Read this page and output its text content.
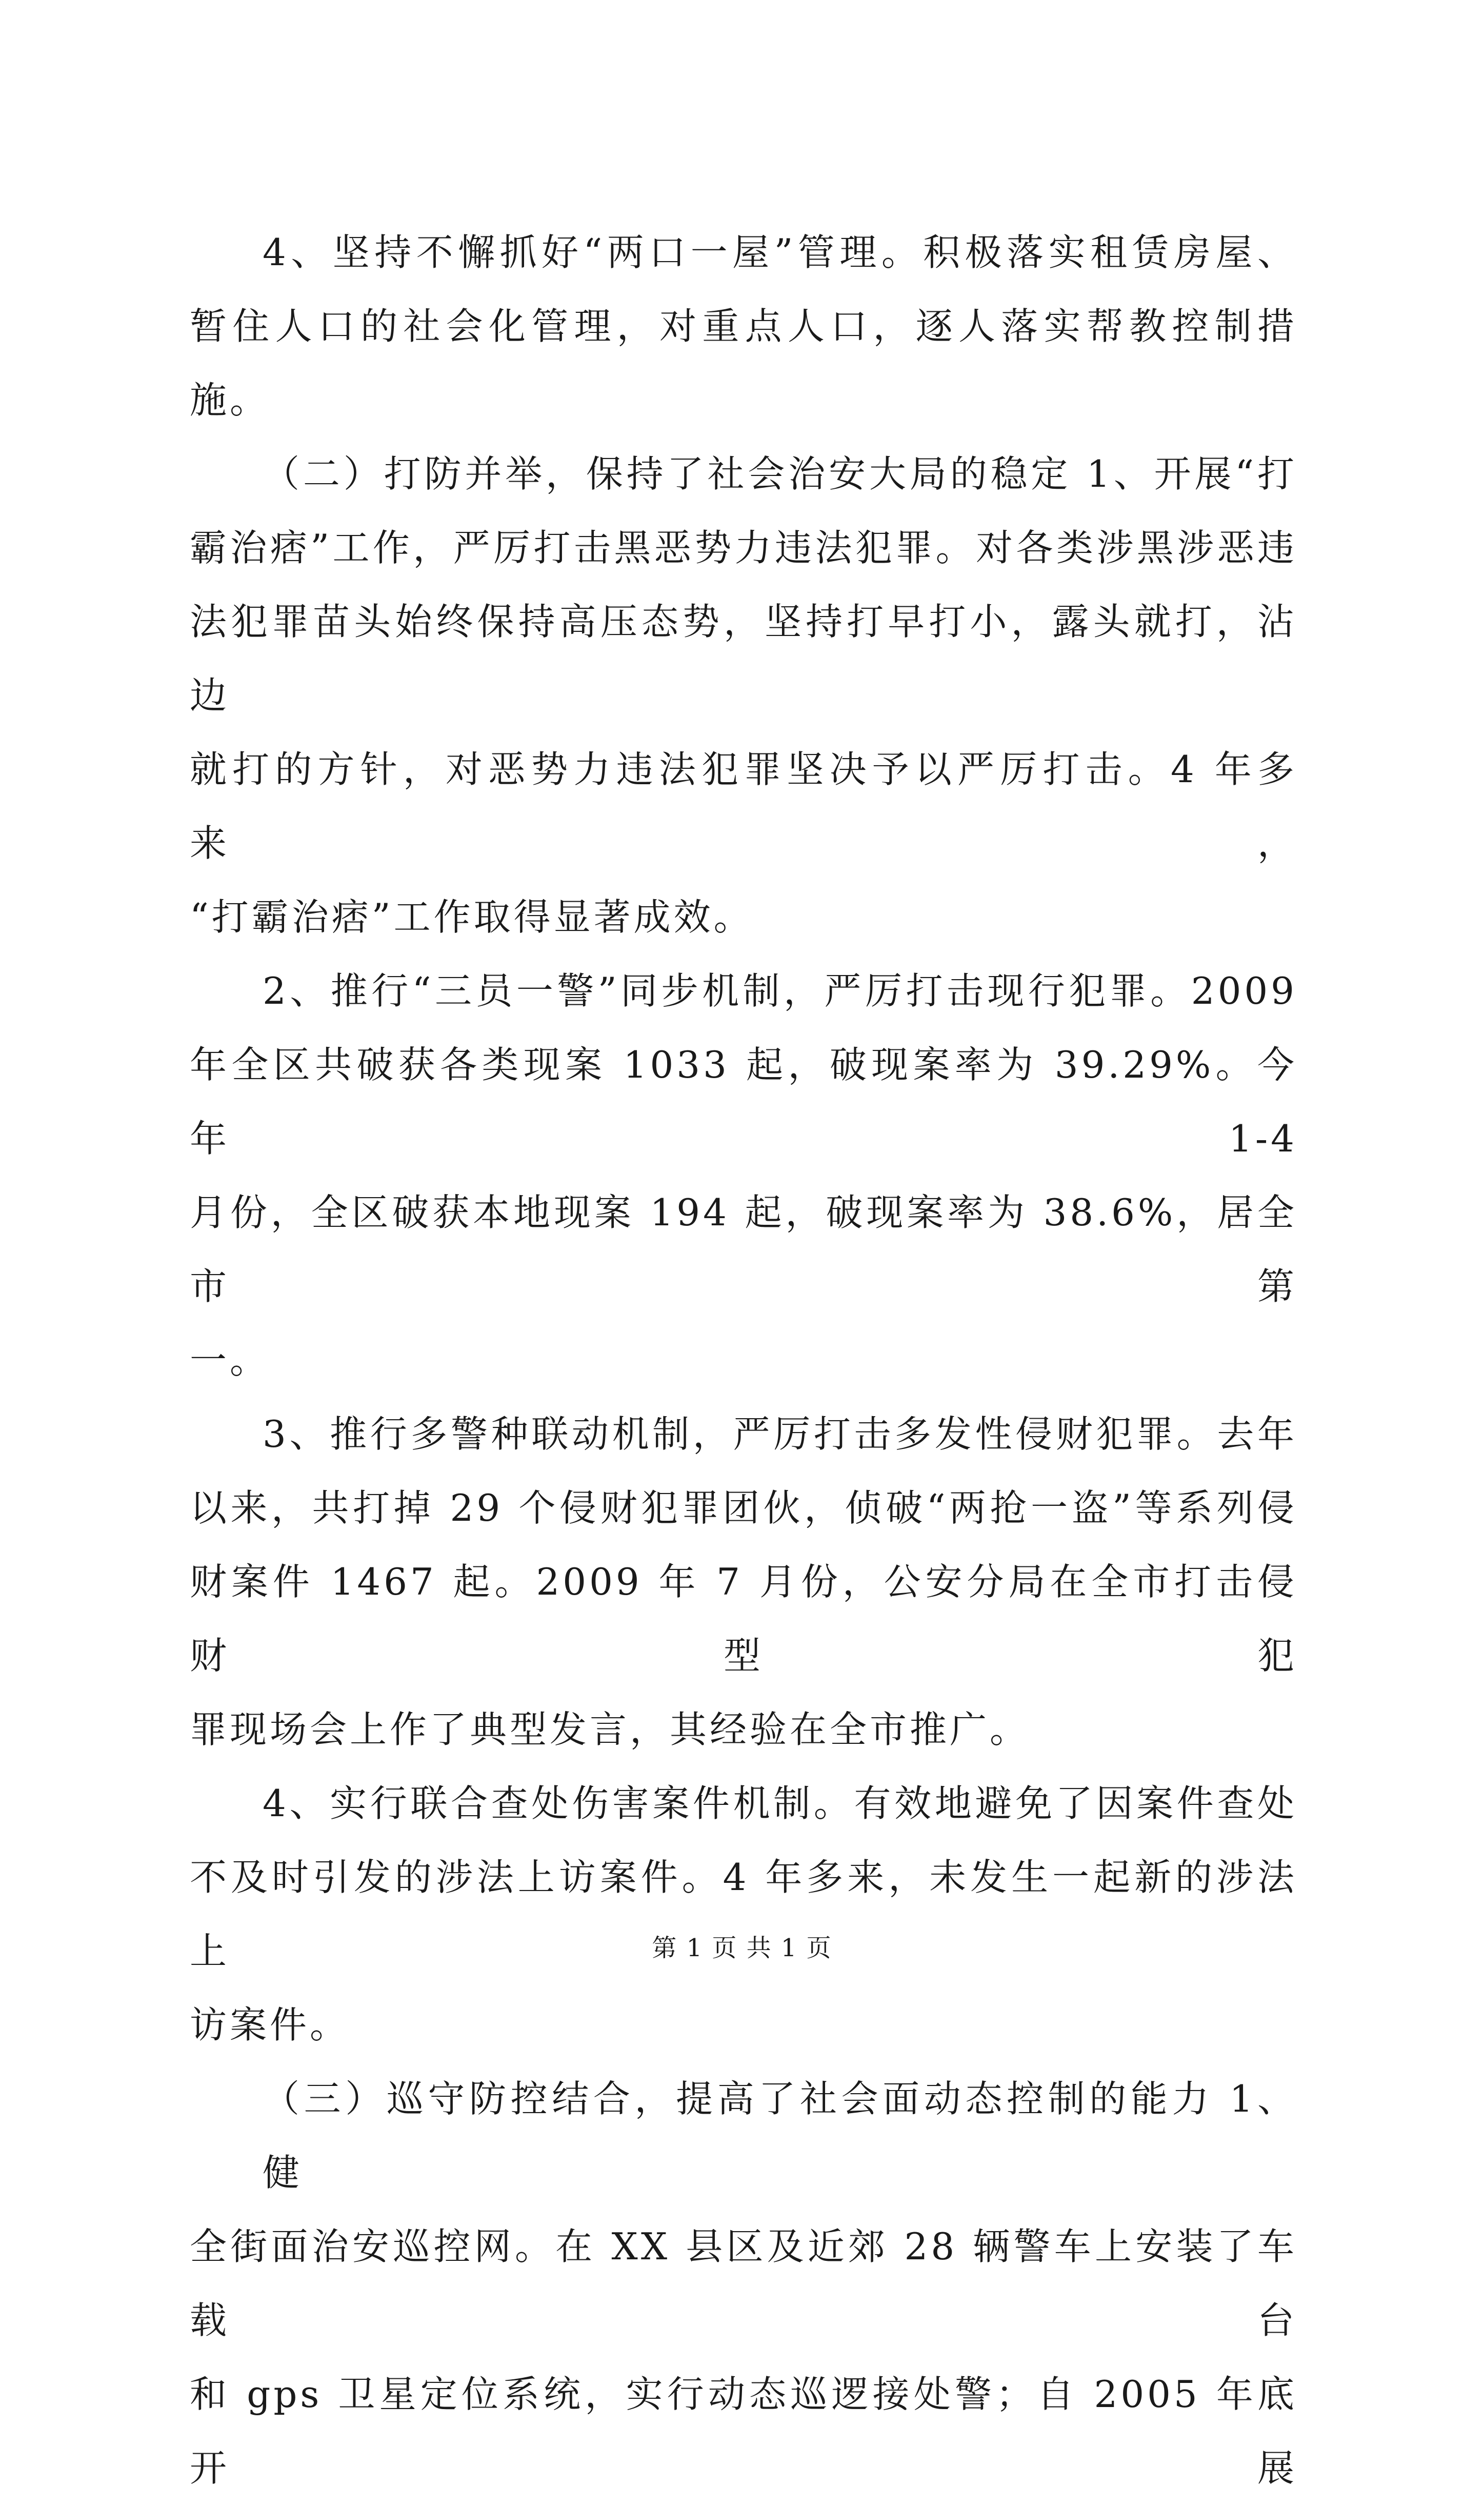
4、坚持不懈抓好“两口一屋”管理。积极落实租赁房屋、
暂住人口的社会化管理，对重点人口，逐人落实帮教控制措施。
（二）打防并举，保持了社会治安大局的稳定 1、开展“打
霸治痞”工作，严厉打击黑恶势力违法犯罪。对各类涉黑涉恶违
法犯罪苗头始终保持高压态势，坚持打早打小，露头就打，沾边
就打的方针，对恶势力违法犯罪坚决予以严厉打击。4 年多来，
“打霸治痞”工作取得显著成效。
2、推行“三员一警”同步机制，严厉打击现行犯罪。2009
年全区共破获各类现案 1033 起，破现案率为 39.29%。今年 1-4
月份，全区破获本地现案 194 起，破现案率为 38.6%，居全市第
一。
3、推行多警种联动机制，严厉打击多发性侵财犯罪。去年
以来，共打掉 29 个侵财犯罪团伙，侦破“两抢一盗”等系列侵
财案件 1467 起。2009 年 7 月份，公安分局在全市打击侵财型犯
罪现场会上作了典型发言，其经验在全市推广。
4、实行联合查处伤害案件机制。有效地避免了因案件查处
不及时引发的涉法上访案件。4 年多来，未发生一起新的涉法上
访案件。
（三）巡守防控结合，提高了社会面动态控制的能力 1、健
全街面治安巡控网。在 XX 县区及近郊 28 辆警车上安装了车载台
和 gps 卫星定位系统，实行动态巡逻接处警；自 2005 年底开展
第 1 页 共 1 页
